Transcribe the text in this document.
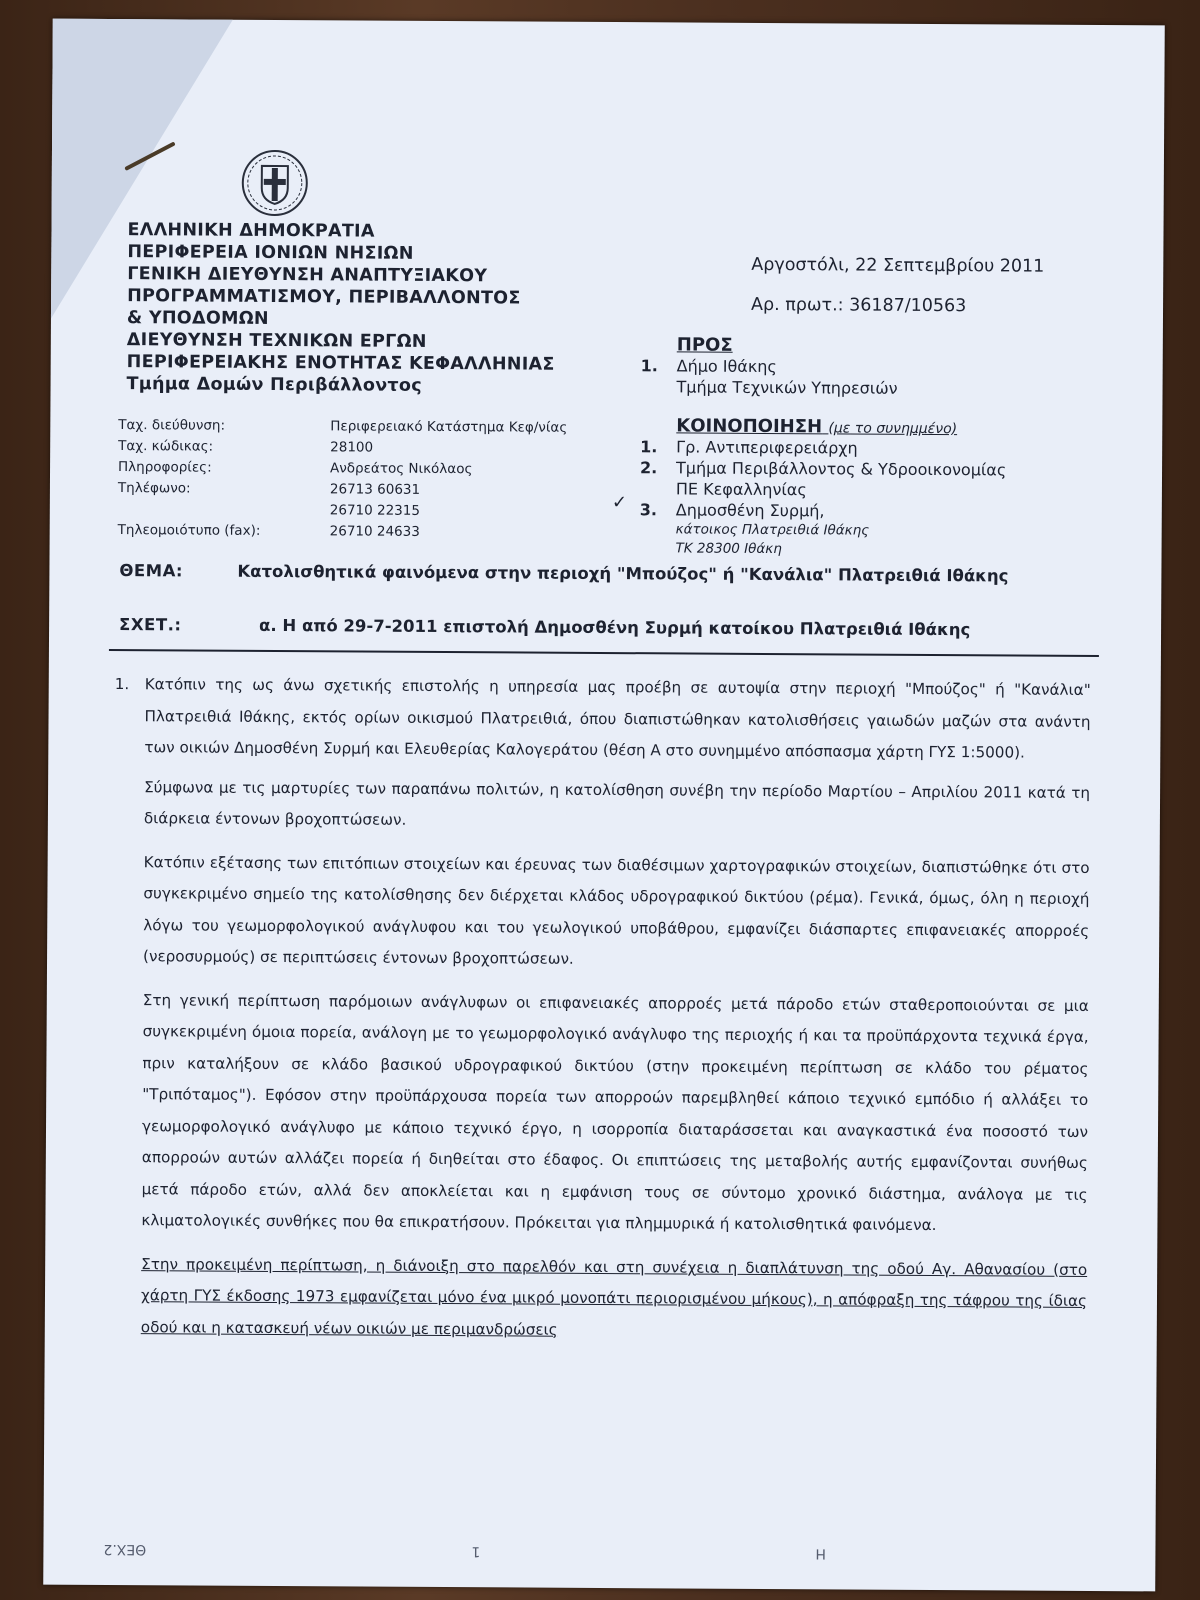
ΕΛΛΗΝΙΚΗ ΔΗΜΟΚΡΑΤΙΑ
ΠΕΡΙΦΕΡΕΙΑ ΙΟΝΙΩΝ ΝΗΣΙΩΝ
ΓΕΝΙΚΗ ΔΙΕΥΘΥΝΣΗ ΑΝΑΠΤΥΞΙΑΚΟΥ
ΠΡΟΓΡΑΜΜΑΤΙΣΜΟΥ, ΠΕΡΙΒΑΛΛΟΝΤΟΣ
& ΥΠΟΔΟΜΩΝ
ΔΙΕΥΘΥΝΣΗ ΤΕΧΝΙΚΩΝ ΕΡΓΩΝ
ΠΕΡΙΦΕΡΕΙΑΚΗΣ ΕΝΟΤΗΤΑΣ ΚΕΦΑΛΛΗΝΙΑΣ
Τμήμα Δομών Περιβάλλοντος
Αργοστόλι, 22 Σεπτεμβρίου 2011
Αρ. πρωτ.: 36187/10563
Ταχ. διεύθυνση:	Περιφερειακό Κατάστημα Κεφ/νίας
Ταχ. κώδικας:	28100
Πληροφορίες:	Ανδρεάτος Νικόλαος
Τηλέφωνο:	26713 60631
26710 22315
Τηλεομοιότυπο (fax):	26710 24633
ΠΡΟΣ
1. Δήμο Ιθάκης
Τμήμα Τεχνικών Υπηρεσιών
ΚΟΙΝΟΠΟΙΗΣΗ (με το συνημμένο)
1. Γρ. Αντιπεριφερειάρχη
2. Τμήμα Περιβάλλοντος & Υδροοικονομίας
ΠΕ Κεφαλληνίας
3. Δημοσθένη Συρμή,
κάτοικος Πλατρειθιά Ιθάκης
ΤΚ 28300 Ιθάκη
✓
ΘΕΜΑ:	Κατολισθητικά φαινόμενα στην περιοχή "Μπούζος" ή "Κανάλια" Πλατρειθιά Ιθάκης
ΣΧΕΤ.:	α. Η από 29-7-2011 επιστολή Δημοσθένη Συρμή κατοίκου Πλατρειθιά Ιθάκης

1. Κατόπιν της ως άνω σχετικής επιστολής η υπηρεσία μας προέβη σε αυτοψία στην περιοχή "Μπούζος" ή "Κανάλια" Πλατρειθιά Ιθάκης, εκτός ορίων οικισμού Πλατρειθιά, όπου διαπιστώθηκαν κατολισθήσεις γαιωδών μαζών στα ανάντη των οικιών Δημοσθένη Συρμή και Ελευθερίας Καλογεράτου (θέση Α στο συνημμένο απόσπασμα χάρτη ΓΥΣ 1:5000).

Σύμφωνα με τις μαρτυρίες των παραπάνω πολιτών, η κατολίσθηση συνέβη την περίοδο Μαρτίου – Απριλίου 2011 κατά τη διάρκεια έντονων βροχοπτώσεων.

Κατόπιν εξέτασης των επιτόπιων στοιχείων και έρευνας των διαθέσιμων χαρτογραφικών στοιχείων, διαπιστώθηκε ότι στο συγκεκριμένο σημείο της κατολίσθησης δεν διέρχεται κλάδος υδρογραφικού δικτύου (ρέμα). Γενικά, όμως, όλη η περιοχή λόγω του γεωμορφολογικού ανάγλυφου και του γεωλογικού υποβάθρου, εμφανίζει διάσπαρτες επιφανειακές απορροές (νεροσυρμούς) σε περιπτώσεις έντονων βροχοπτώσεων.

Στη γενική περίπτωση παρόμοιων ανάγλυφων οι επιφανειακές απορροές μετά πάροδο ετών σταθεροποιούνται σε μια συγκεκριμένη όμοια πορεία, ανάλογη με το γεωμορφολογικό ανάγλυφο της περιοχής ή και τα προϋπάρχοντα τεχνικά έργα, πριν καταλήξουν σε κλάδο βασικού υδρογραφικού δικτύου (στην προκειμένη περίπτωση σε κλάδο του ρέματος "Τριπόταμος"). Εφόσον στην προϋπάρχουσα πορεία των απορροών παρεμβληθεί κάποιο τεχνικό εμπόδιο ή αλλάξει το γεωμορφολογικό ανάγλυφο με κάποιο τεχνικό έργο, η ισορροπία διαταράσσεται και αναγκαστικά ένα ποσοστό των απορροών αυτών αλλάζει πορεία ή διηθείται στο έδαφος. Οι επιπτώσεις της μεταβολής αυτής εμφανίζονται συνήθως μετά πάροδο ετών, αλλά δεν αποκλείεται και η εμφάνιση τους σε σύντομο χρονικό διάστημα, ανάλογα με τις κλιματολογικές συνθήκες που θα επικρατήσουν. Πρόκειται για πλημμυρικά ή κατολισθητικά φαινόμενα.

Στην προκειμένη περίπτωση, η διάνοιξη στο παρελθόν και στη συνέχεια η διαπλάτυνση της οδού Αγ. Αθανασίου (στο χάρτη ΓΥΣ έκδοσης 1973 εμφανίζεται μόνο ένα μικρό μονοπάτι περιορισμένου μήκους), η απόφραξη της τάφρου της ίδιας οδού και η κατασκευή νέων οικιών με περιμανδρώσεις

ΘΕΧ.2	1	Η
